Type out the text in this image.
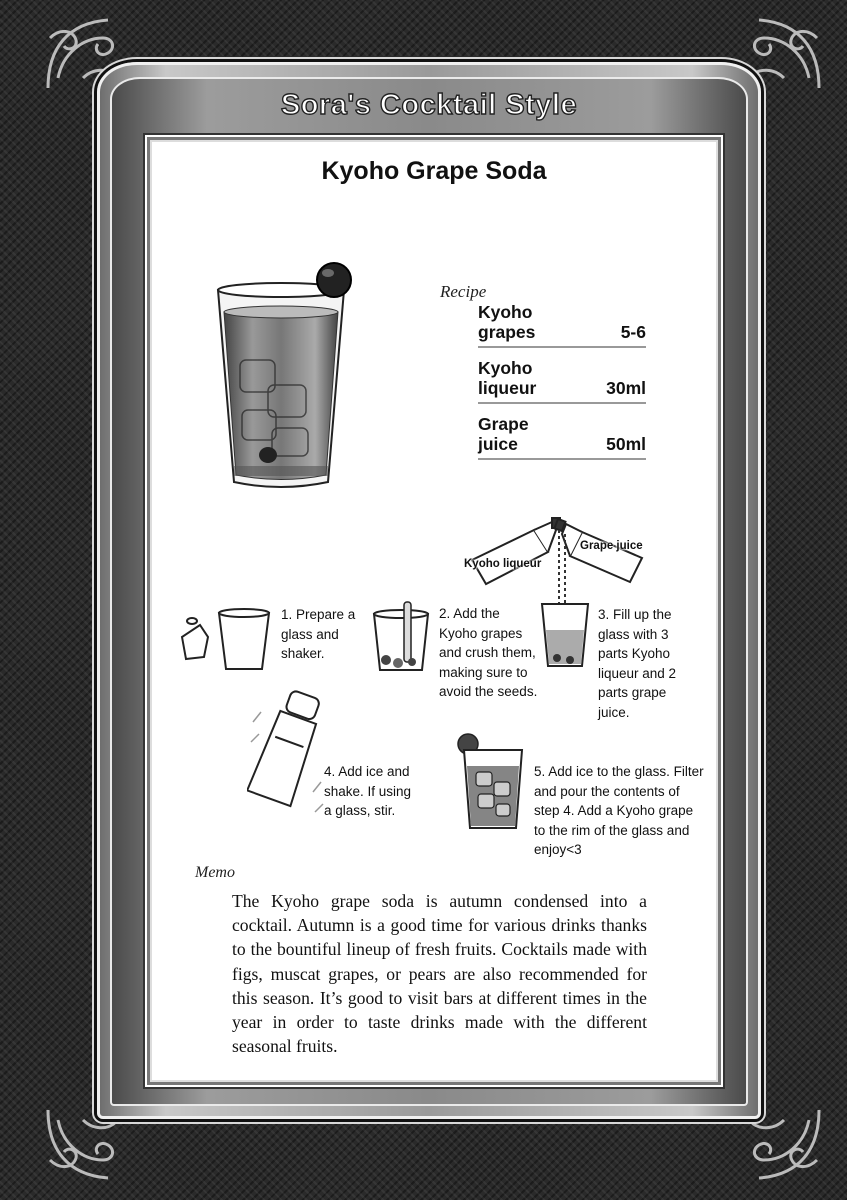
Sora's Cocktail Style
Kyoho Grape Soda
Recipe
Kyoho grapes	5-6
Kyoho liqueur	30ml
Grape juice	50ml
1. Prepare a glass and shaker.
2. Add the Kyoho grapes and crush them, making sure to avoid the seeds.
Kyoho liqueur
Grape juice
3. Fill up the glass with 3 parts Kyoho liqueur and 2 parts grape juice.
4. Add ice and shake. If using a glass, stir.
5. Add ice to the glass. Filter and pour the contents of step 4. Add a Kyoho grape to the rim of the glass and enjoy<3
Memo
The Kyoho grape soda is autumn condensed into a cocktail. Autumn is a good time for various drinks thanks to the bountiful lineup of fresh fruits. Cocktails made with figs, muscat grapes, or pears are also recommended for this season. It’s good to visit bars at different times in the year in order to taste drinks made with the different seasonal fruits.
